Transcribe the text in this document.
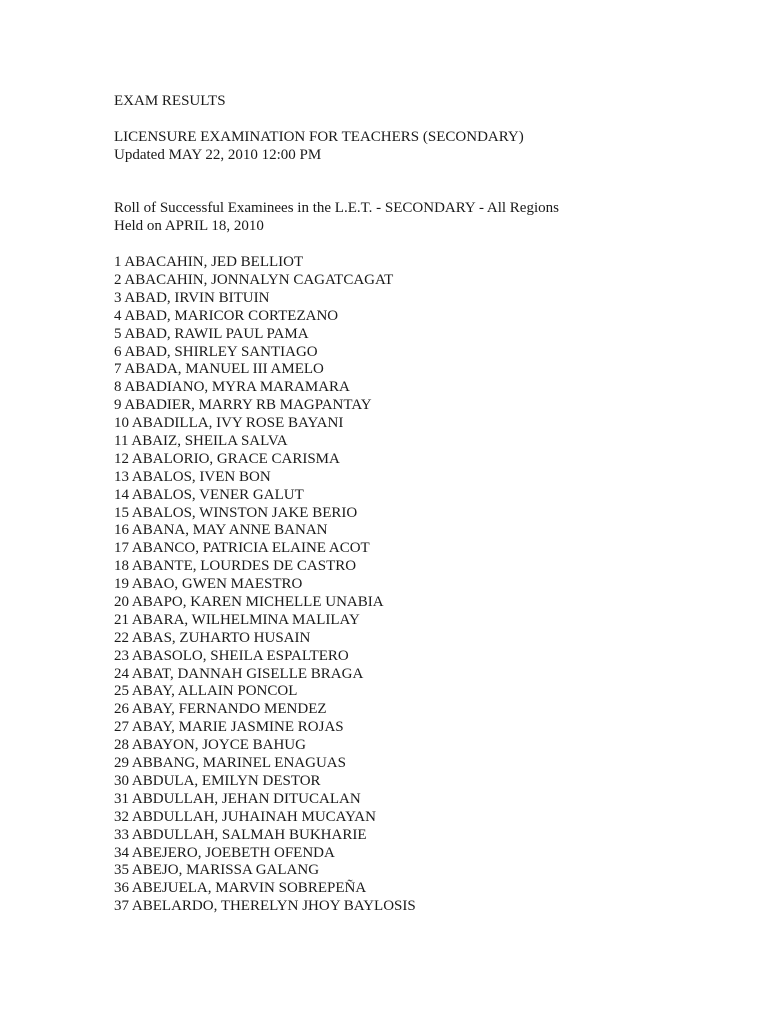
EXAM RESULTS
LICENSURE EXAMINATION FOR TEACHERS (SECONDARY)
Updated MAY 22, 2010 12:00 PM
Roll of Successful Examinees in the L.E.T. - SECONDARY - All Regions
Held on APRIL 18, 2010
1 ABACAHIN, JED BELLIOT
2 ABACAHIN, JONNALYN CAGATCAGAT
3 ABAD, IRVIN BITUIN
4 ABAD, MARICOR CORTEZANO
5 ABAD, RAWIL PAUL PAMA
6 ABAD, SHIRLEY SANTIAGO
7 ABADA, MANUEL III AMELO
8 ABADIANO, MYRA MARAMARA
9 ABADIER, MARRY RB MAGPANTAY
10 ABADILLA, IVY ROSE BAYANI
11 ABAIZ, SHEILA SALVA
12 ABALORIO, GRACE CARISMA
13 ABALOS, IVEN BON
14 ABALOS, VENER GALUT
15 ABALOS, WINSTON JAKE BERIO
16 ABANA, MAY ANNE BANAN
17 ABANCO, PATRICIA ELAINE ACOT
18 ABANTE, LOURDES DE CASTRO
19 ABAO, GWEN MAESTRO
20 ABAPO, KAREN MICHELLE UNABIA
21 ABARA, WILHELMINA MALILAY
22 ABAS, ZUHARTO HUSAIN
23 ABASOLO, SHEILA ESPALTERO
24 ABAT, DANNAH GISELLE BRAGA
25 ABAY, ALLAIN PONCOL
26 ABAY, FERNANDO MENDEZ
27 ABAY, MARIE JASMINE ROJAS
28 ABAYON, JOYCE BAHUG
29 ABBANG, MARINEL ENAGUAS
30 ABDULA, EMILYN DESTOR
31 ABDULLAH, JEHAN DITUCALAN
32 ABDULLAH, JUHAINAH MUCAYAN
33 ABDULLAH, SALMAH BUKHARIE
34 ABEJERO, JOEBETH OFENDA
35 ABEJO, MARISSA GALANG
36 ABEJUELA, MARVIN SOBREPEÑA
37 ABELARDO, THERELYN JHOY BAYLOSIS
